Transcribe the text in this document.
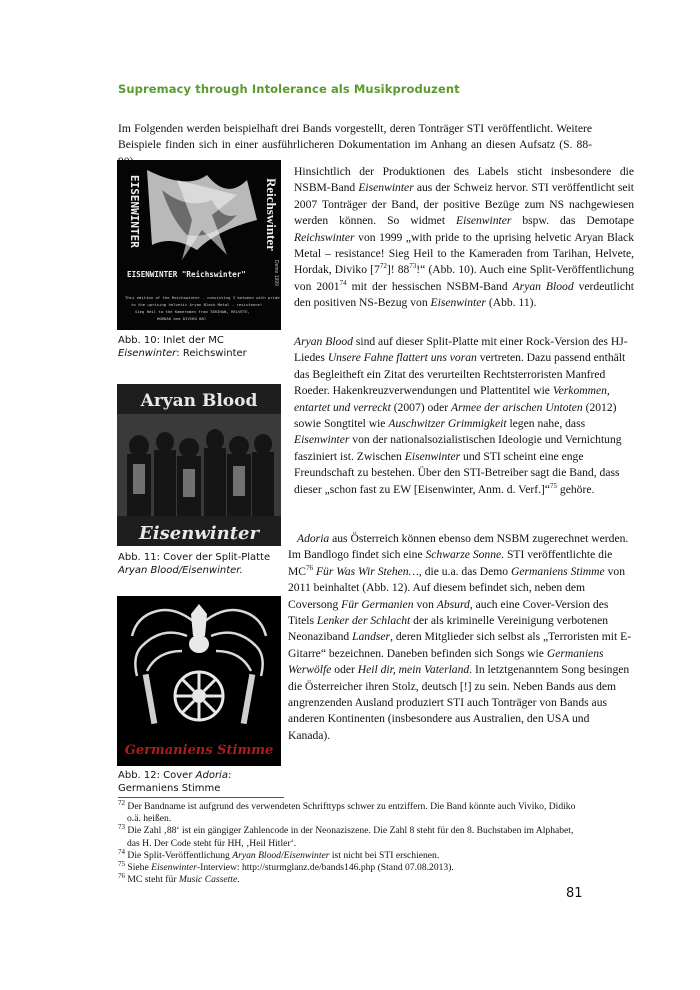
Supremacy through Intolerance als Musikproduzent

Im Folgenden werden beispielhaft drei Bands vorgestellt, deren Tonträger STI veröffentlicht. Weitere Beispiele finden sich in einer ausführlicheren Dokumentation im Anhang an diesen Aufsatz (S. 88-

EISENWINTER	Reichswinter
Demo 1999
EISENWINTER "Reichswinter"
This edition of the Reichswinter - consisting 3 between with pride
to the uprising helvetic Aryan Black Metal - resistance!
Sieg Heil to the Kameraden from TARIHAN, HELVETE,
HORDAK and DIVIKO 88!
Abb. 10: Inlet der MC
Eisenwinter: Reichswinter
Aryan Blood
Eisenwinter
Abb. 11: Cover der Split-Platte
Aryan Blood/Eisenwinter.
Germaniens Stimme
Abb. 12: Cover Adoria:
Germaniens Stimme

Hinsichtlich der Produktionen des Labels sticht insbesondere die NSBM-Band Eisenwinter aus der Schweiz hervor. STI veröffentlicht seit 2007 Tonträger der Band, der positive Bezüge zum NS nachgewiesen werden können. So widmet Eisenwinter bspw. das Demotape Reichswinter von 1999 „with pride to the uprising helvetic Aryan Black Metal – resistance! Sieg Heil to the Kameraden from Tarihan, Helvete, Hordak, Diviko $[7^{72}]$! $88^{73}!“$ (Abb. 10). Auch eine Split-Veröffentlichung von 2001$^{74}$ mit der hessischen NSBM-Band Aryan Blood verdeutlicht den positiven NS-Bezug von Eisenwinter (Abb. 11).

Aryan Blood sind auf dieser Split-Platte mit einer Rock-Version des HJ-Liedes Unsere Fahne flattert uns voran vertreten. Dazu passend enthält das Begleitheft ein Zitat des verurteilten Rechtsterroristen Manfred Roeder. Hakenkreuzverwendungen und Plattentitel wie Verkommen, entartet und verreckt (2007) oder Armee der arischen Untoten (2012) sowie Songtitel wie Auschwitzer Grimmigkeit legen nahe, dass Eisenwinter von der nationalsozialistischen Ideologie und Vernichtung fasziniert ist. Zwischen Eisenwinter und STI scheint eine enge Freundschaft zu bestehen. Über den STI-Betreiber sagt die Band, dass dieser „schon fast zu EW [Eisenwinter, Anm. d. Verf.]“$^{75}$ gehöre.

Adoria aus Österreich können ebenso dem NSBM zugerechnet werden. Im Bandlogo findet sich eine Schwarze Sonne. STI veröffentlichte die MC$^{76}$ Für Was Wir Stehen…, die u.a. das Demo Germaniens Stimme von 2011 beinhaltet (Abb. 12). Auf diesem befindet sich, neben dem Coversong Für Germanien von Absurd, auch eine Cover-Version des Titels Lenker der Schlacht der als kriminelle Vereinigung verbotenen Neonaziband Landser, deren Mitglieder sich selbst als „Terroristen mit E-Gitarre“ bezeichnen. Daneben befinden sich Songs wie Germaniens Werwölfe oder Heil dir, mein Vaterland. In letztgenanntem Song besingen die Österreicher ihren Stolz, deutsch [!] zu sein. Neben Bands aus dem angrenzenden Ausland produziert STI auch Tonträger von Bands aus anderen Kontinenten (insbesondere aus Australien, den USA und Kanada).

$^{72}$ Der Bandname ist aufgrund des verwendeten Schrifttyps schwer zu entziffern. Die Band könnte auch Viviko, Didiko
o.ä. heißen.

$^{73}$ Die Zahl ‚88‘ ist ein gängiger Zahlencode in der Neonaziszene. Die Zahl 8 steht für den 8. Buchstaben im Alphabet,
das H. Der Code steht für HH, ‚Heil Hitler‘.

$^{74}$ Die Split-Veröffentlichung Aryan Blood/Eisenwinter ist nicht bei STI erschienen.

$^{75}$ Siehe Eisenwinter-Interview: http://sturmglanz.de/bands146.php (Stand 07.08.2013).

$^{76}$ MC steht für Music Cassette.

81
